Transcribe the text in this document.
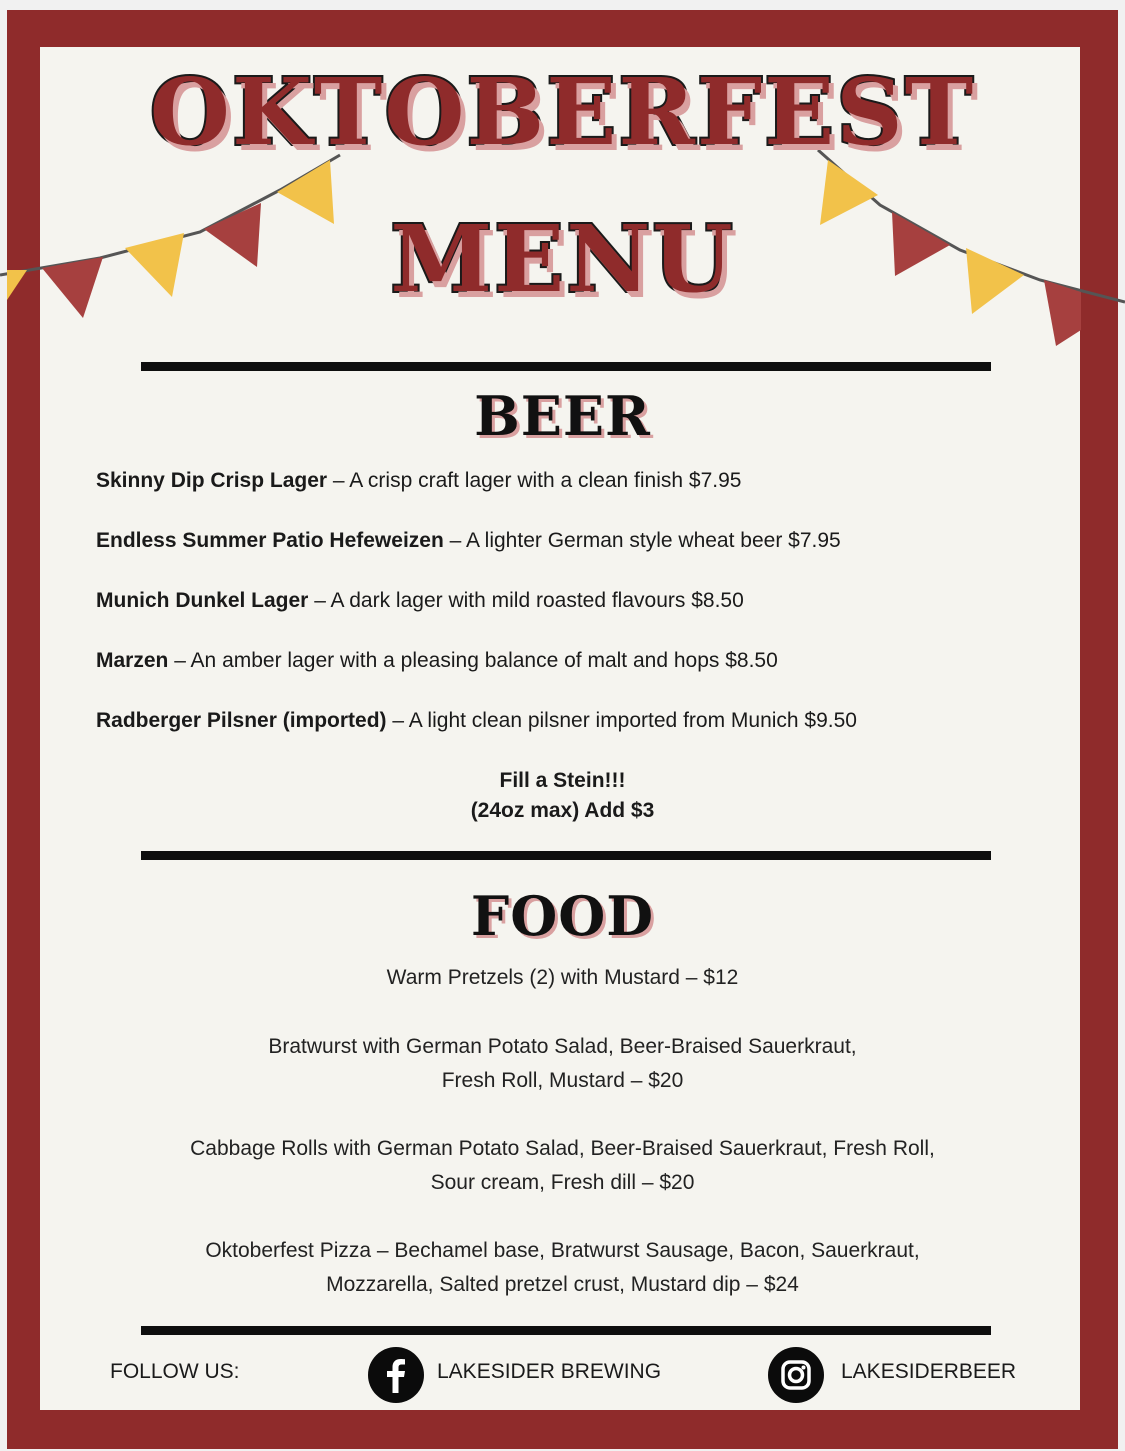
OKTOBERFEST
MENU
BEER
Skinny Dip Crisp Lager – A crisp craft lager with a clean finish $7.95
Endless Summer Patio Hefeweizen – A lighter German style wheat beer $7.95
Munich Dunkel Lager – A dark lager with mild roasted flavours $8.50
Marzen – An amber lager with a pleasing balance of malt and hops $8.50
Radberger Pilsner (imported) – A light clean pilsner imported from Munich $9.50
Fill a Stein!!!
(24oz max) Add $3
FOOD
Warm Pretzels (2) with Mustard – $12
Bratwurst with German Potato Salad, Beer-Braised Sauerkraut,
Fresh Roll, Mustard – $20
Cabbage Rolls with German Potato Salad, Beer-Braised Sauerkraut, Fresh Roll,
Sour cream, Fresh dill – $20
Oktoberfest Pizza – Bechamel base, Bratwurst Sausage, Bacon, Sauerkraut,
Mozzarella, Salted pretzel crust, Mustard dip – $24
FOLLOW US:	LAKESIDER BREWING	LAKESIDERBEER
